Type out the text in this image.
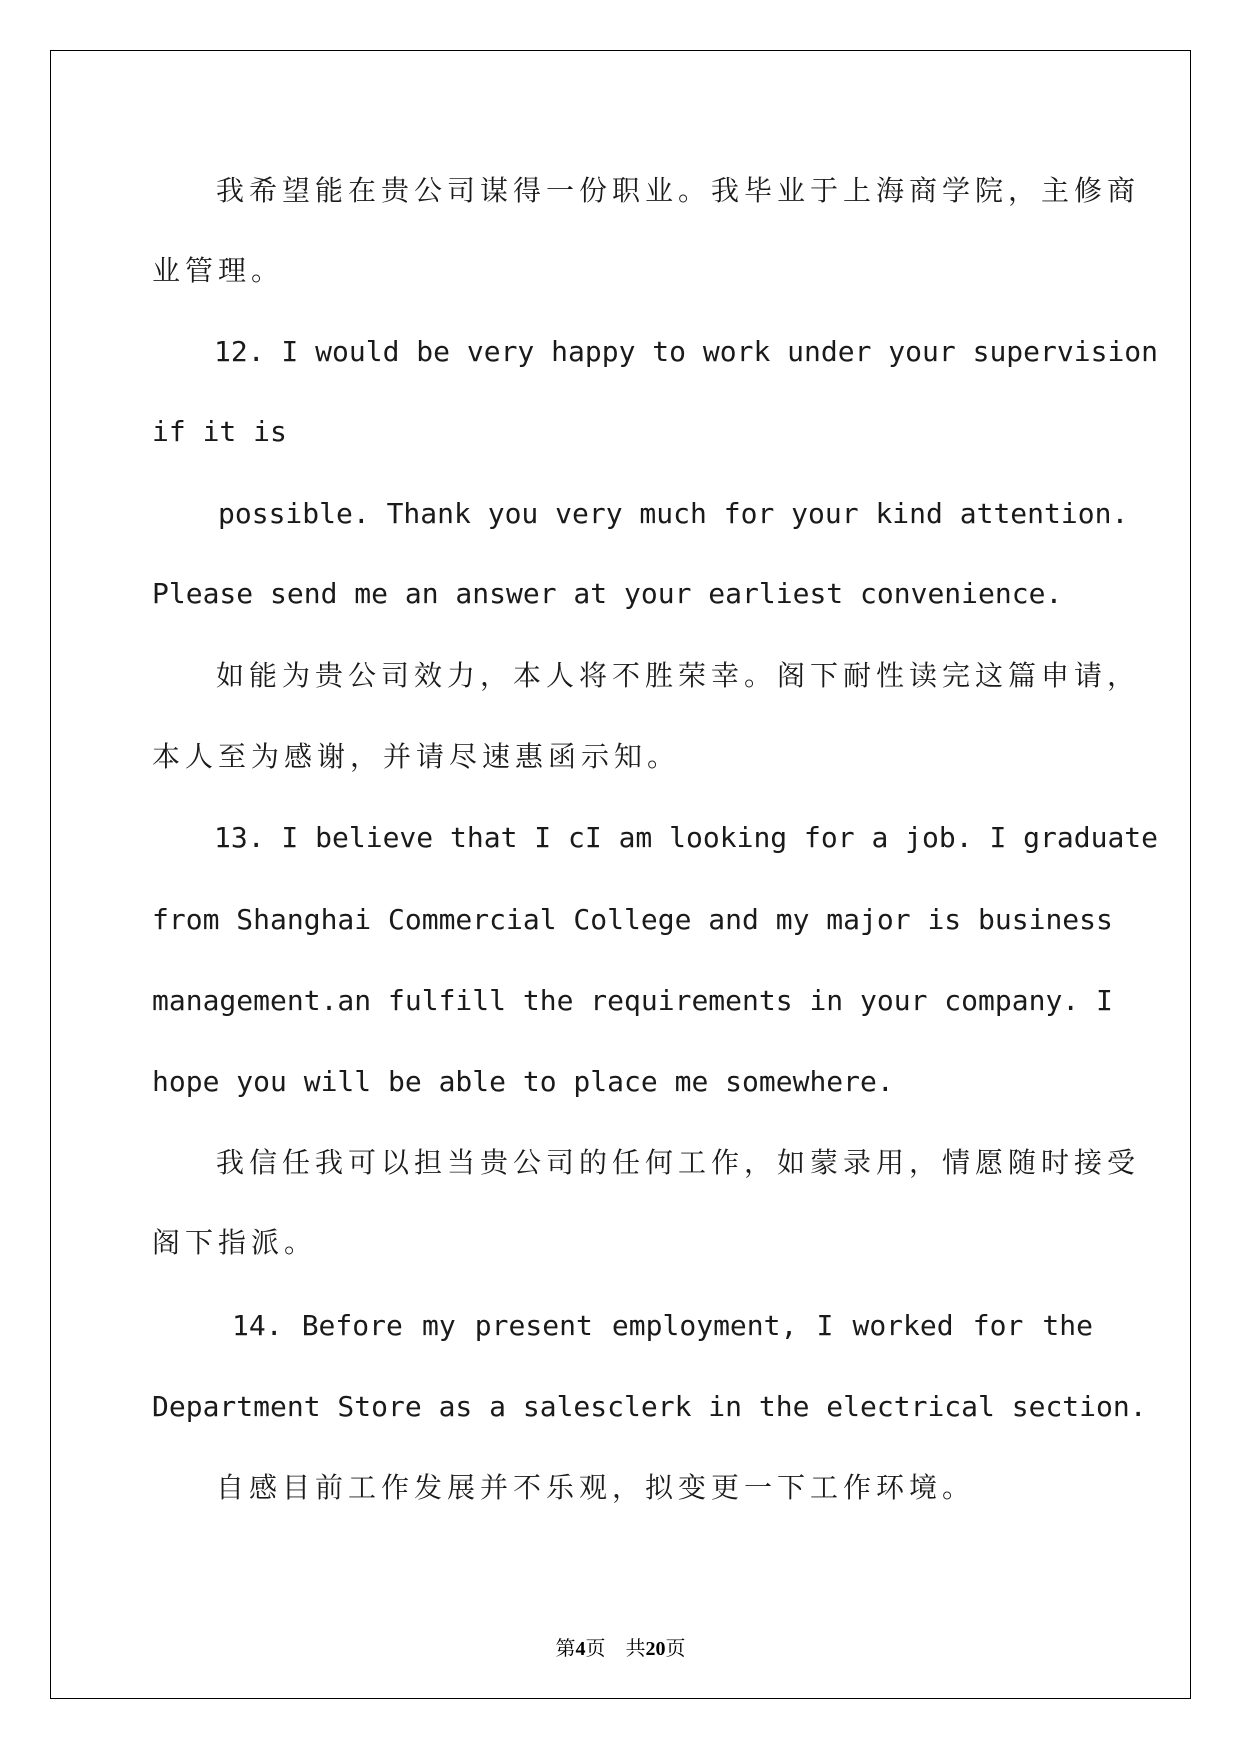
我希望能在贵公司谋得一份职业。我毕业于上海商学院，主修商

业管理。

12. I would be very happy to work under your supervision

if it is

possible. Thank you very much for your kind attention.

Please send me an answer at your earliest convenience.

如能为贵公司效力，本人将不胜荣幸。阁下耐性读完这篇申请，

本人至为感谢，并请尽速惠函示知。

13. I believe that I cI am looking for a job. I graduate

from Shanghai Commercial College and my major is business

management.an fulfill the requirements in your company. I

hope you will be able to place me somewhere.

我信任我可以担当贵公司的任何工作，如蒙录用，情愿随时接受

阁下指派。

14. Before my present employment, I worked for the

Department Store as a salesclerk in the electrical section.

自感目前工作发展并不乐观，拟变更一下工作环境。

第4页　共20页
